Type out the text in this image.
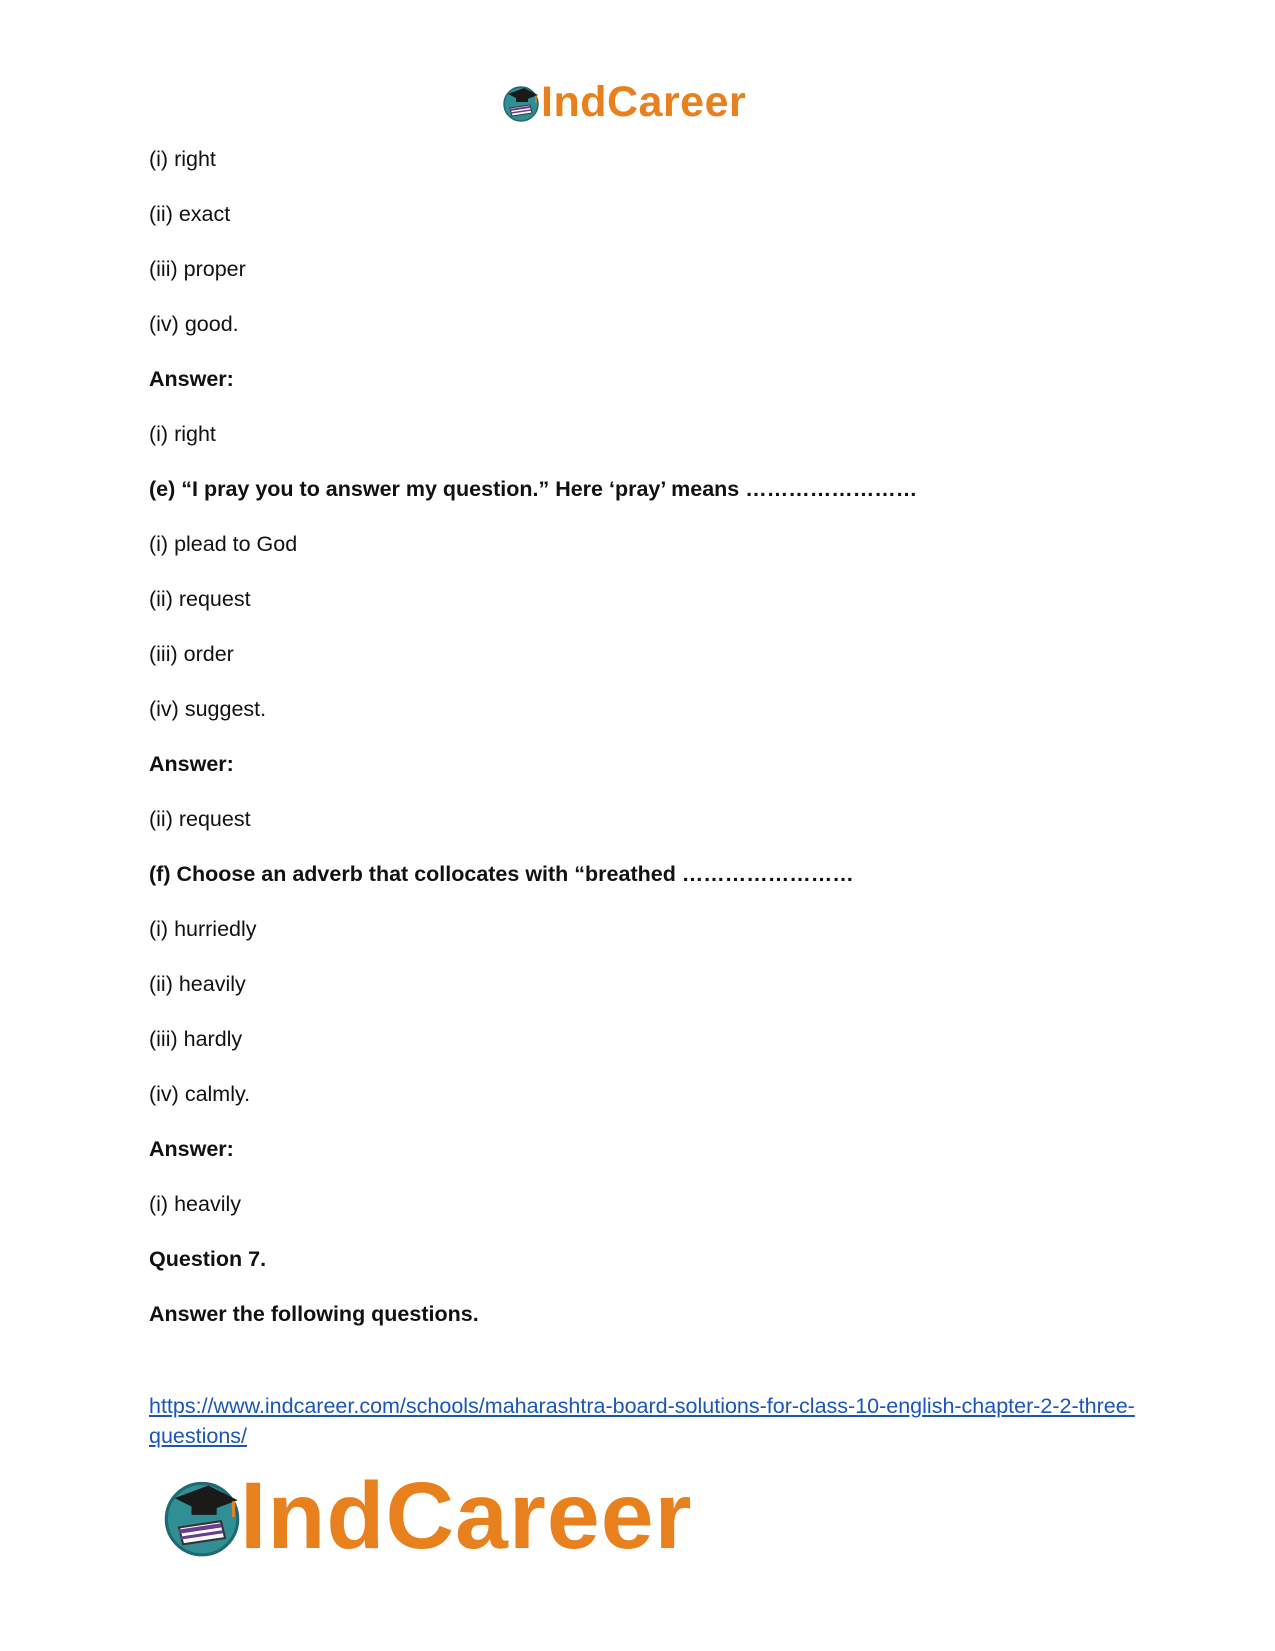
IndCareer
(i) right
(ii) exact
(iii) proper
(iv) good.
Answer:
(i) right
(e) “I pray you to answer my question.” Here ‘pray’ means ……………………
(i) plead to God
(ii) request
(iii) order
(iv) suggest.
Answer:
(ii) request
(f) Choose an adverb that collocates with “breathed ……………………
(i) hurriedly
(ii) heavily
(iii) hardly
(iv) calmly.
Answer:
(i) heavily
Question 7.
Answer the following questions.
https://www.indcareer.com/schools/maharashtra-board-solutions-for-class-10-english-chapter-2-2-three-questions/
IndCareer
